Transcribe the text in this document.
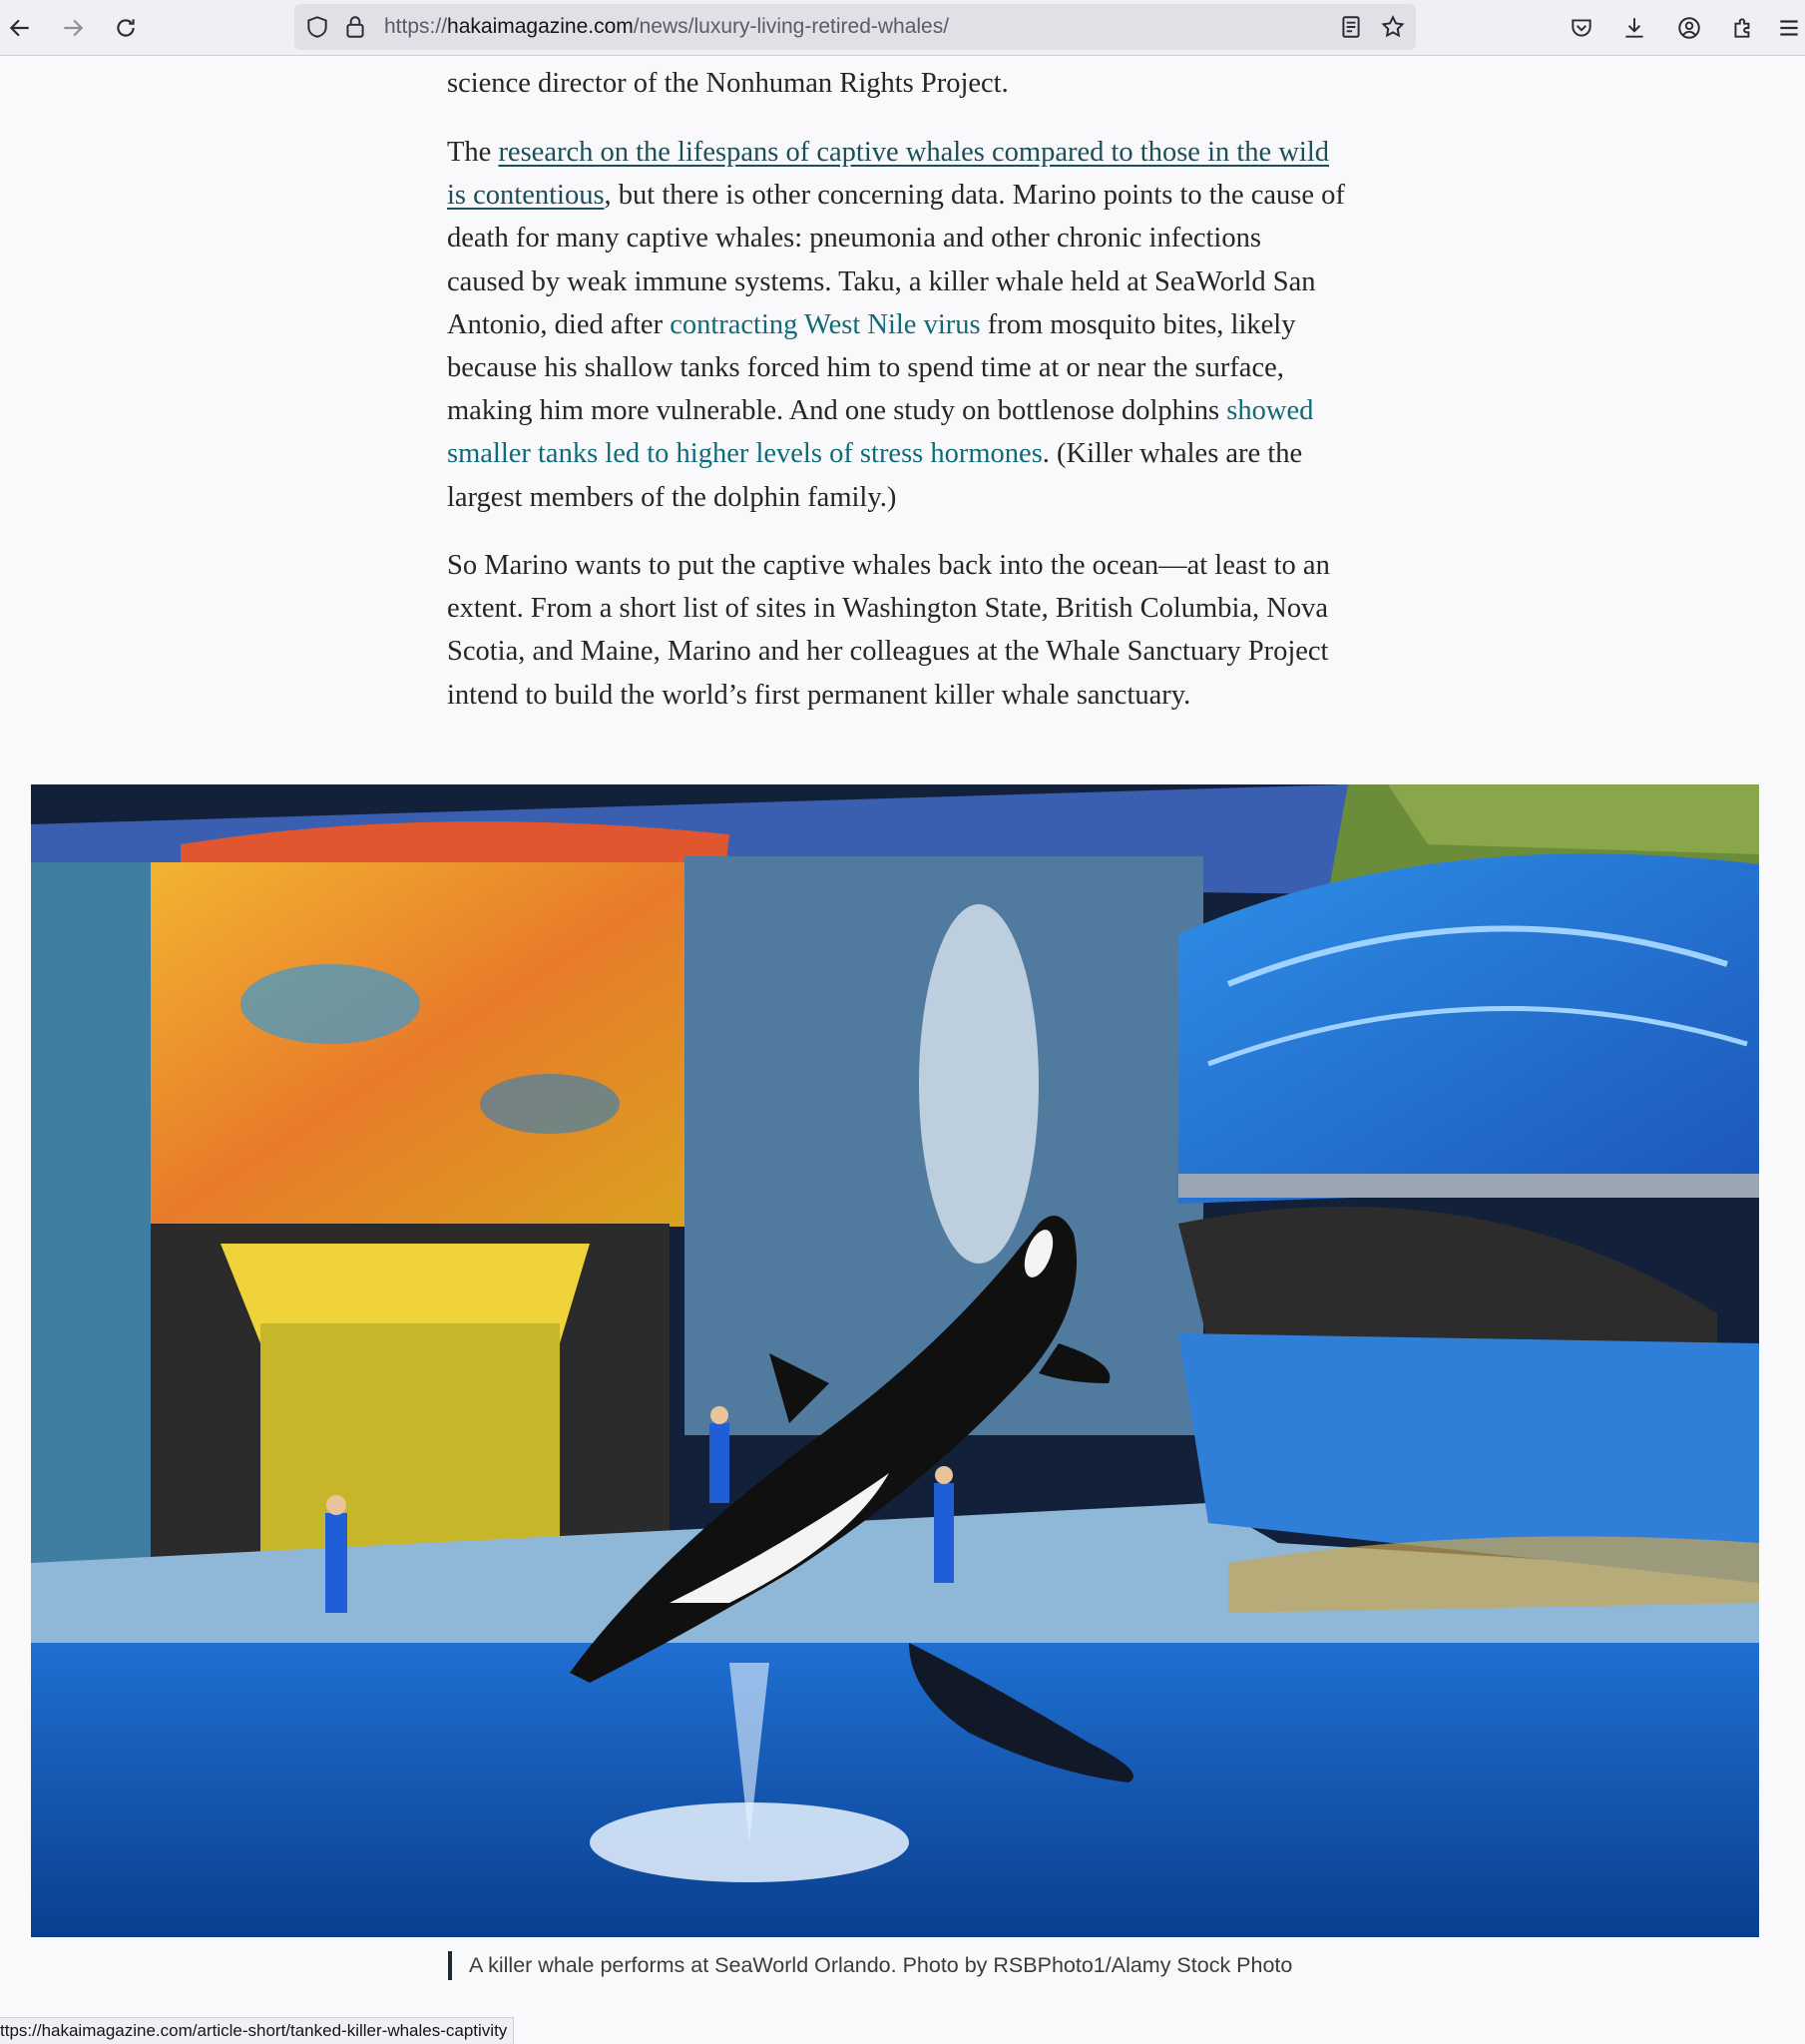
https://hakaimagazine.com/news/luxury-living-retired-whales/

science director of the Nonhuman Rights Project.

The research on the lifespans of captive whales compared to those in the wild is contentious, but there is other concerning data. Marino points to the cause of death for many captive whales: pneumonia and other chronic infections caused by weak immune systems. Taku, a killer whale held at SeaWorld San Antonio, died after contracting West Nile virus from mosquito bites, likely because his shallow tanks forced him to spend time at or near the surface, making him more vulnerable. And one study on bottlenose dolphins showed smaller tanks led to higher levels of stress hormones. (Killer whales are the largest members of the dolphin family.)

So Marino wants to put the captive whales back into the ocean—at least to an extent. From a short list of sites in Washington State, British Columbia, Nova Scotia, and Maine, Marino and her colleagues at the Whale Sanctuary Project intend to build the world’s first permanent killer whale sanctuary.

A killer whale performs at SeaWorld Orlando. Photo by RSBPhoto1/Alamy Stock Photo
ttps://hakaimagazine.com/article-short/tanked-killer-whales-captivity
